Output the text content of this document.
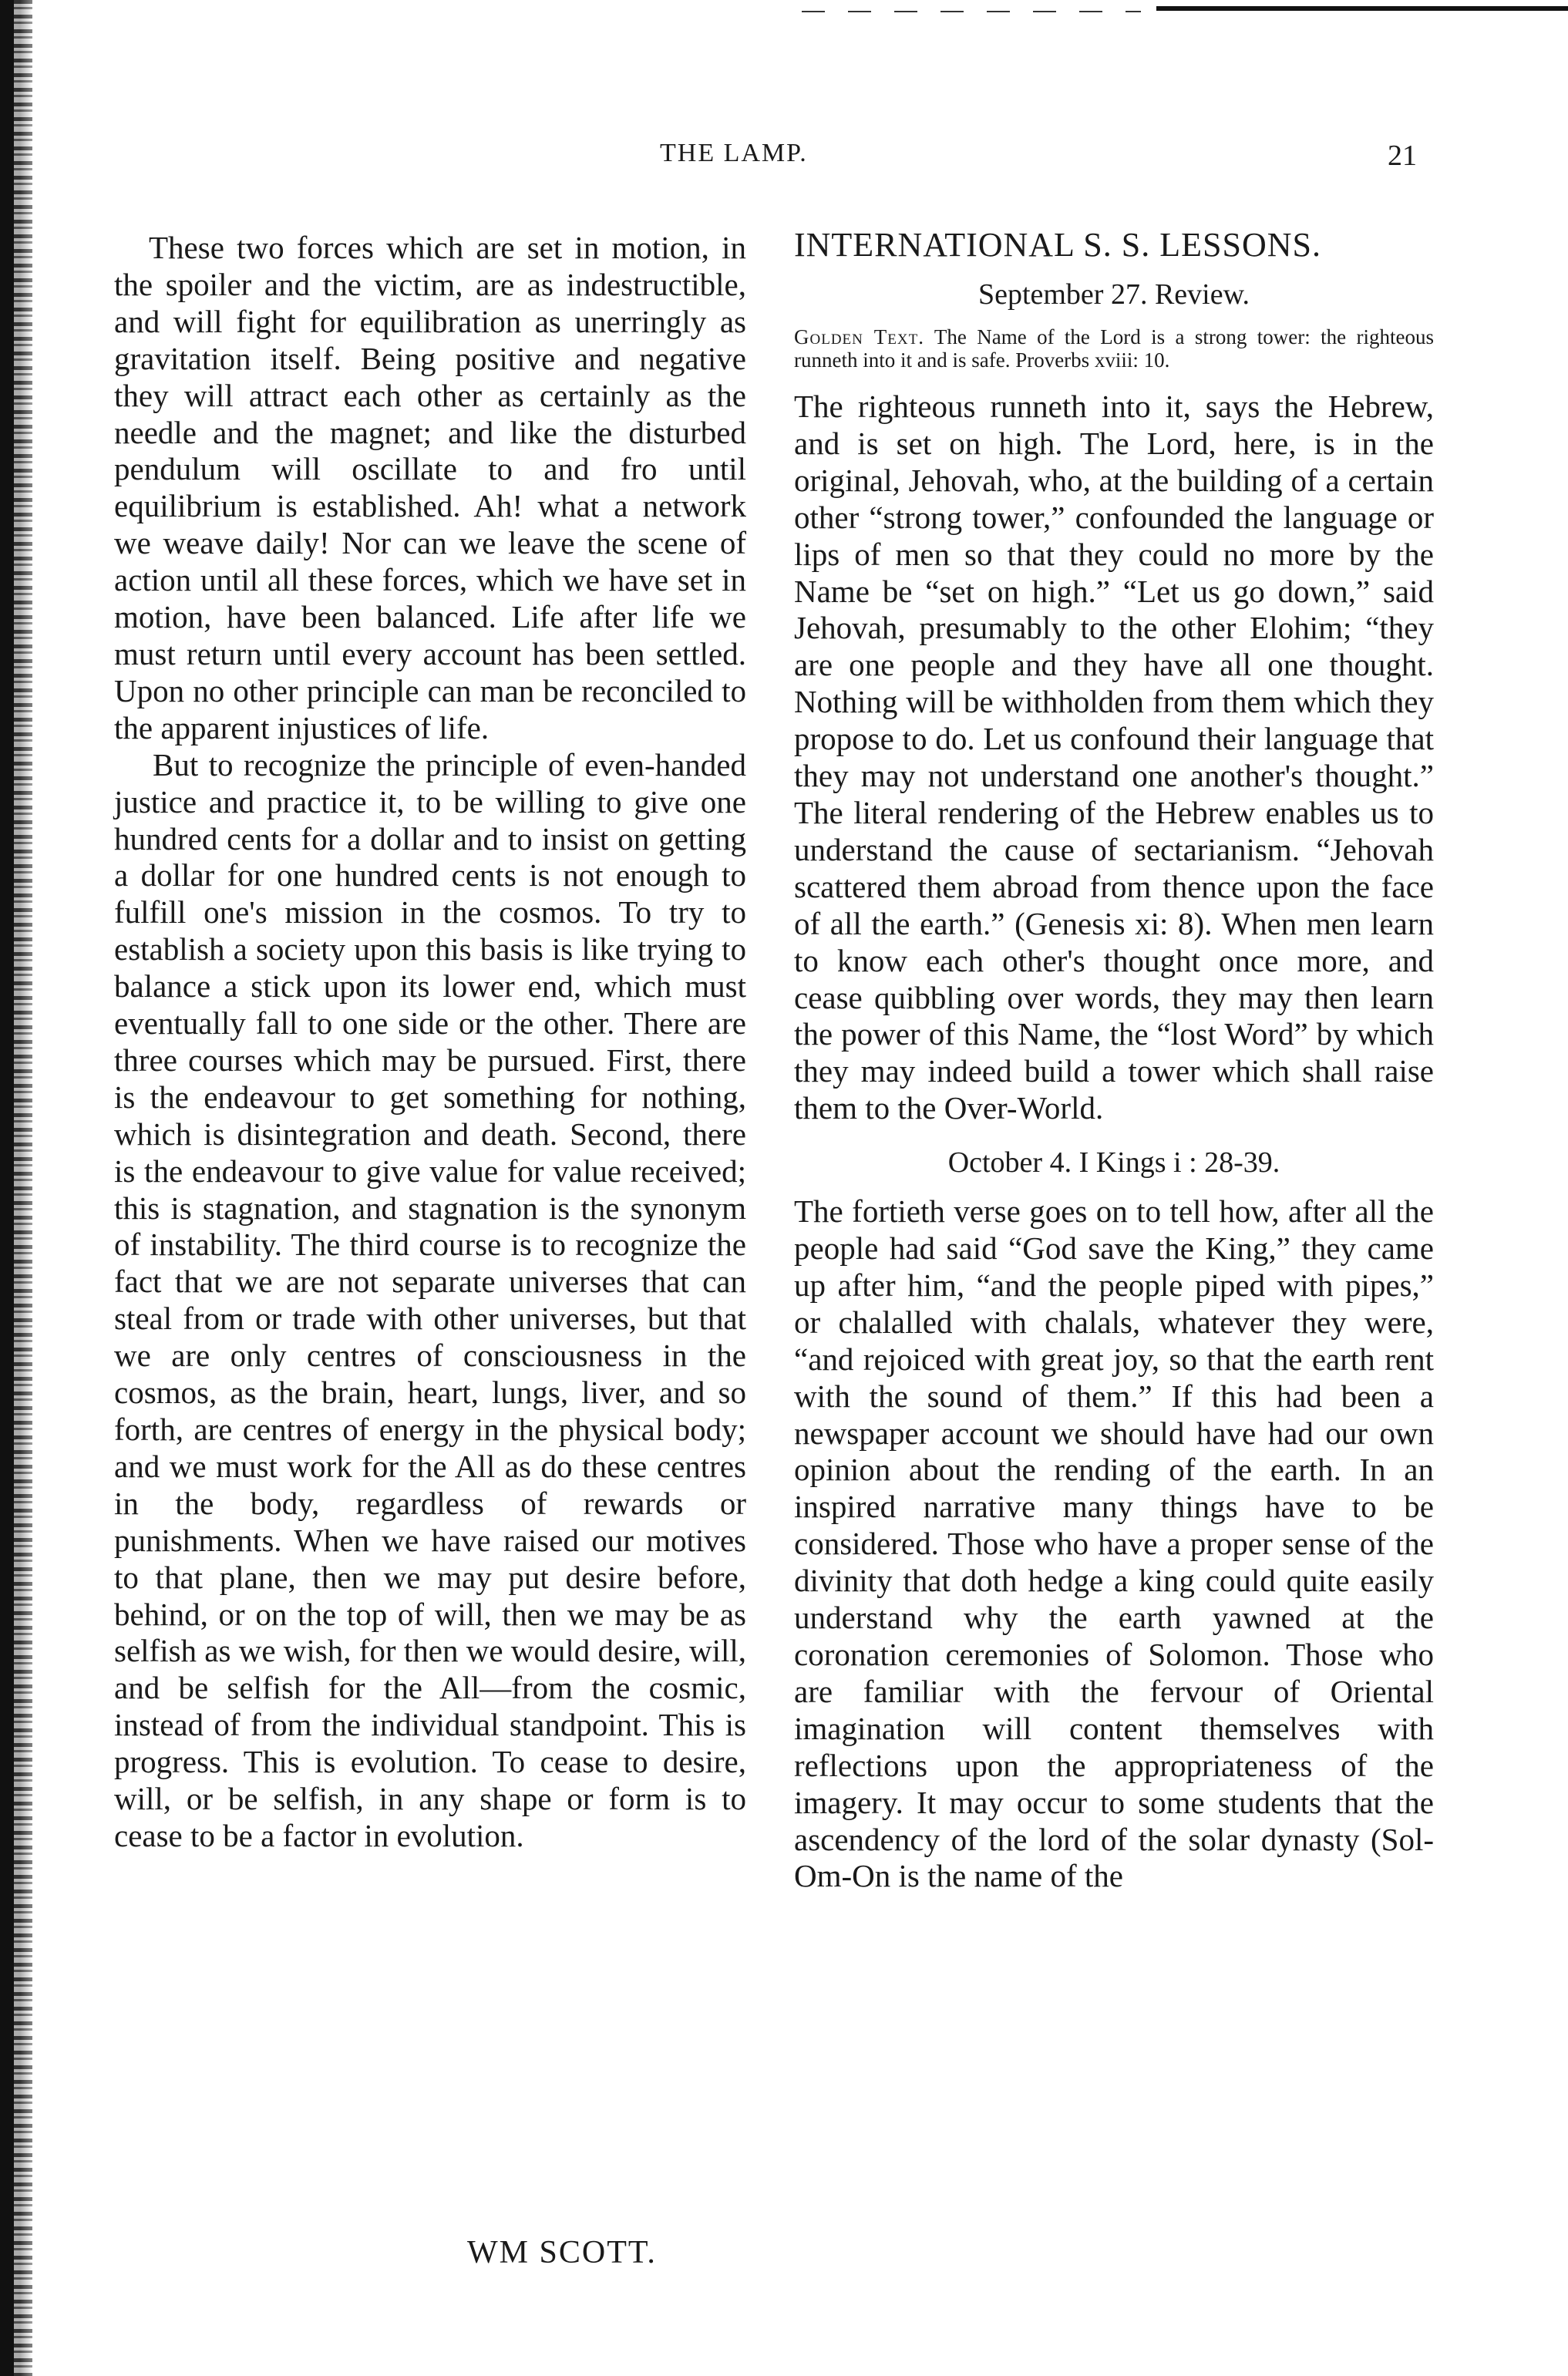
THE LAMP.	21

These two forces which are set in motion, in the spoiler and the victim, are as indestructible, and will fight for equilibration as unerringly as gravitation itself. Being positive and negative they will attract each other as certainly as the needle and the magnet; and like the disturbed pendulum will oscillate to and fro until equilibrium is established. Ah! what a network we weave daily! Nor can we leave the scene of action until all these forces, which we have set in motion, have been balanced. Life after life we must return until every account has been settled. Upon no other principle can man be reconciled to the apparent injustices of life.

But to recognize the principle of even-handed justice and practice it, to be willing to give one hundred cents for a dollar and to insist on getting a dollar for one hundred cents is not enough to fulfill one's mission in the cosmos. To try to establish a society upon this basis is like trying to balance a stick upon its lower end, which must eventually fall to one side or the other. There are three courses which may be pursued. First, there is the endeavour to get something for nothing, which is disintegration and death. Second, there is the endeavour to give value for value received; this is stagnation, and stagnation is the synonym of instability. The third course is to recognize the fact that we are not separate universes that can steal from or trade with other universes, but that we are only centres of consciousness in the cosmos, as the brain, heart, lungs, liver, and so forth, are centres of energy in the physical body; and we must work for the All as do these centres in the body, regardless of rewards or punishments. When we have raised our motives to that plane, then we may put desire before, behind, or on the top of will, then we may be as selfish as we wish, for then we would desire, will, and be selfish for the All—from the cosmic, instead of from the individual standpoint. This is progress. This is evolution. To cease to desire, will, or be selfish, in any shape or form is to cease to be a factor in evolution.

WM SCOTT.
INTERNATIONAL S. S. LESSONS.
September 27. Review.
Golden Text. The Name of the Lord is a strong tower: the righteous runneth into it and is safe. Proverbs xviii: 10.

The righteous runneth into it, says the Hebrew, and is set on high. The Lord, here, is in the original, Jehovah, who, at the building of a certain other “strong tower,” confounded the language or lips of men so that they could no more by the Name be “set on high.” “Let us go down,” said Jehovah, presumably to the other Elohim; “they are one people and they have all one thought. Nothing will be withholden from them which they propose to do. Let us confound their language that they may not understand one another's thought.” The literal rendering of the Hebrew enables us to understand the cause of sectarianism. “Jehovah scattered them abroad from thence upon the face of all the earth.” (Genesis xi: 8). When men learn to know each other's thought once more, and cease quibbling over words, they may then learn the power of this Name, the “lost Word” by which they may indeed build a tower which shall raise them to the Over-World.

October 4. I Kings i : 28-39.

The fortieth verse goes on to tell how, after all the people had said “God save the King,” they came up after him, “and the people piped with pipes,” or chalalled with chalals, whatever they were, “and rejoiced with great joy, so that the earth rent with the sound of them.” If this had been a newspaper account we should have had our own opinion about the rending of the earth. In an inspired narrative many things have to be considered. Those who have a proper sense of the divinity that doth hedge a king could quite easily understand why the earth yawned at the coronation ceremonies of Solomon. Those who are familiar with the fervour of Oriental imagination will content themselves with reflections upon the appropriateness of the imagery. It may occur to some students that the ascendency of the lord of the solar dynasty (Sol-Om-On is the name of the
